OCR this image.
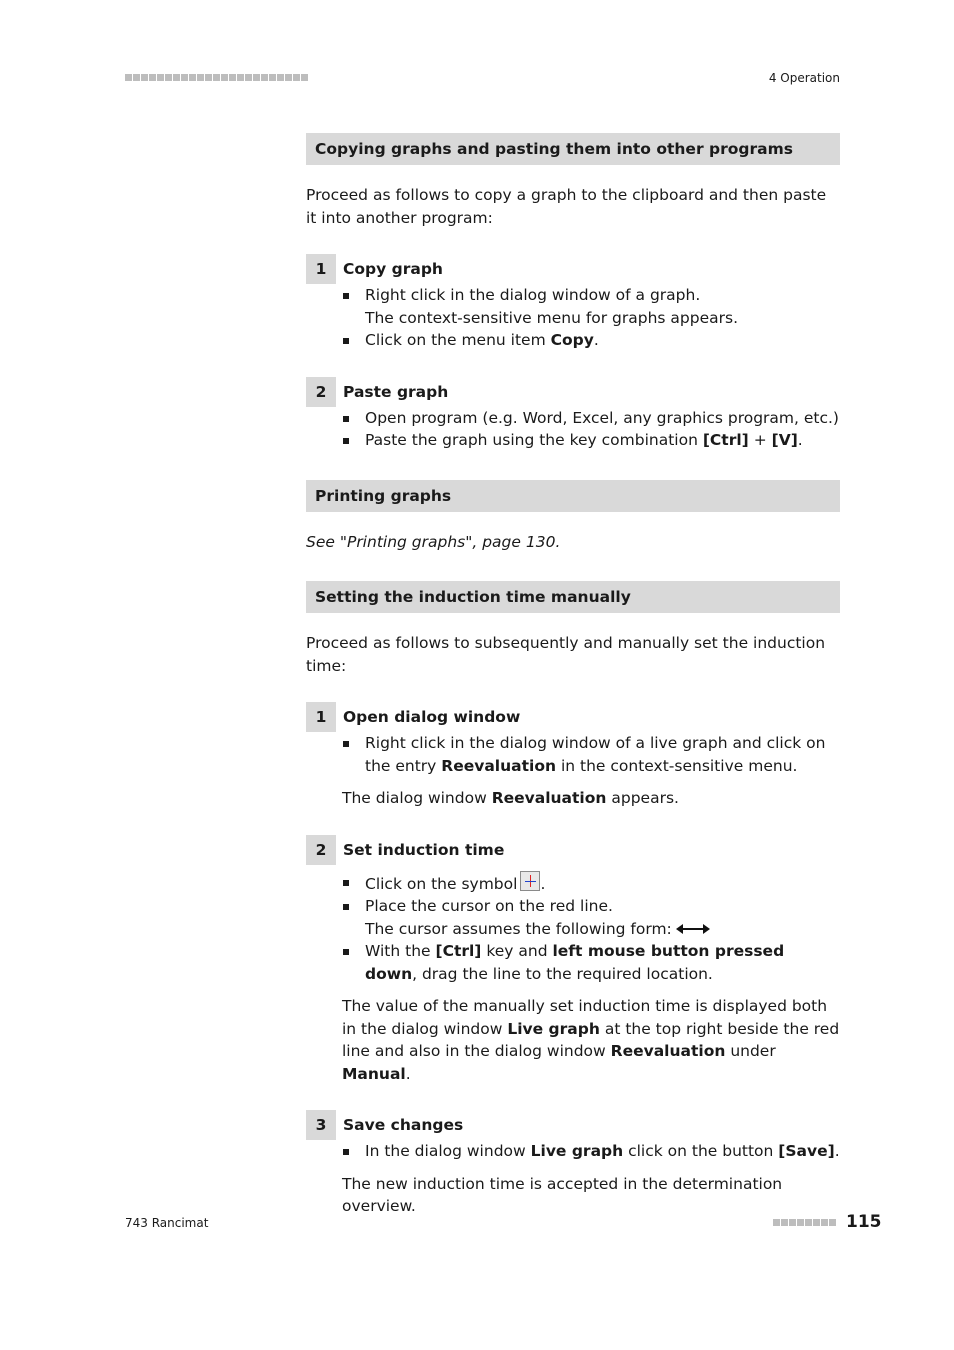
4 Operation
Copying graphs and pasting them into other programs

Proceed as follows to copy a graph to the clipboard and then paste it into another program:

1	Copy graph
Right click in the dialog window of a graph.
The context-sensitive menu for graphs appears.
Click on the menu item Copy.
2	Paste graph
Open program (e.g. Word, Excel, any graphics program, etc.)
Paste the graph using the key combination [Ctrl] + [V].
Printing graphs

See "Printing graphs", page 130.

Setting the induction time manually

Proceed as follows to subsequently and manually set the induction time:

1	Open dialog window
Right click in the dialog window of a live graph and click on the entry Reevaluation in the context-sensitive menu.

The dialog window Reevaluation appears.

2	Set induction time
Click on the symbol .
Place the cursor on the red line.
The cursor assumes the following form:
With the [Ctrl] key and left mouse button pressed down, drag the line to the required location.

The value of the manually set induction time is displayed both in the dialog window Live graph at the top right beside the red line and also in the dialog window Reevaluation under Manual.

3	Save changes
In the dialog window Live graph click on the button [Save].

The new induction time is accepted in the determination overview.

743 Rancimat	115
